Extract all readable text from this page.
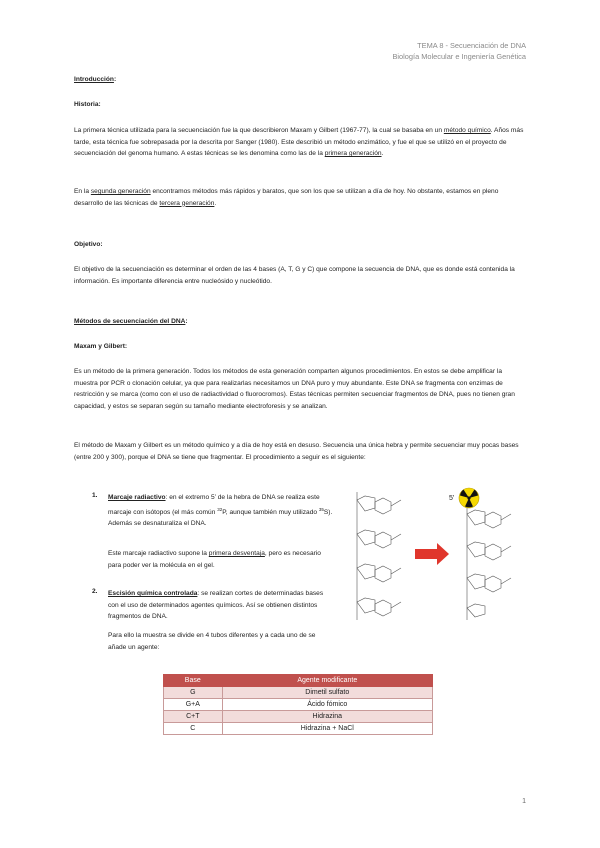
TEMA 8 - Secuenciación de DNA
Biología Molecular e Ingeniería Genética
Introducción:
Historia:
La primera técnica utilizada para la secuenciación fue la que describieron Maxam y Gilbert (1967-77), la cual se basaba en un método químico. Años más tarde, esta técnica fue sobrepasada por la descrita por Sanger (1980). Este describió un método enzimático, y fue el que se utilizó en el proyecto de secuenciación del genoma humano. A estas técnicas se les denomina como las de la primera generación.
En la segunda generación encontramos métodos más rápidos y baratos, que son los que se utilizan a día de hoy. No obstante, estamos en pleno desarrollo de las técnicas de tercera generación.
Objetivo:
El objetivo de la secuenciación es determinar el orden de las 4 bases (A, T, G y C) que compone la secuencia de DNA, que es donde está contenida la información. Es importante diferencia entre nucleósido y nucleótido.
Métodos de secuenciación del DNA:
Maxam y Gilbert:
Es un método de la primera generación. Todos los métodos de esta generación comparten algunos procedimientos. En estos se debe amplificar la muestra por PCR o clonación celular, ya que para realizarlas necesitamos un DNA puro y muy abundante. Este DNA se fragmenta con enzimas de restricción y se marca (como con el uso de radiactividad o fluorocromos). Estas técnicas permiten secuenciar fragmentos de DNA, pues no tienen gran capacidad, y estos se separan según su tamaño mediante electroforesis y se analizan.
El método de Maxam y Gilbert es un método químico y a día de hoy está en desuso. Secuencia una única hebra y permite secuenciar muy pocas bases (entre 200 y 300), porque el DNA se tiene que fragmentar. El procedimiento a seguir es el siguiente:
1. Marcaje radiactivo: en el extremo 5’ de la hebra de DNA se realiza este marcaje con isótopos (el más común $^{32}$P, aunque también muy utilizado $^{35}$S). Además se desnaturaliza el DNA.
Este marcaje radiactivo supone la primera desventaja, pero es necesario para poder ver la molécula en el gel.
2. Escisión química controlada: se realizan cortes de determinadas bases con el uso de determinados agentes químicos. Así se obtienen distintos fragmentos de DNA.
Para ello la muestra se divide en 4 tubos diferentes y a cada uno de se añade un agente:
5'
Base	Agente modificante
G	Dimetil sulfato
G+A	Ácido fómico
C+T	Hidrazina
C	Hidrazina + NaCl
1
